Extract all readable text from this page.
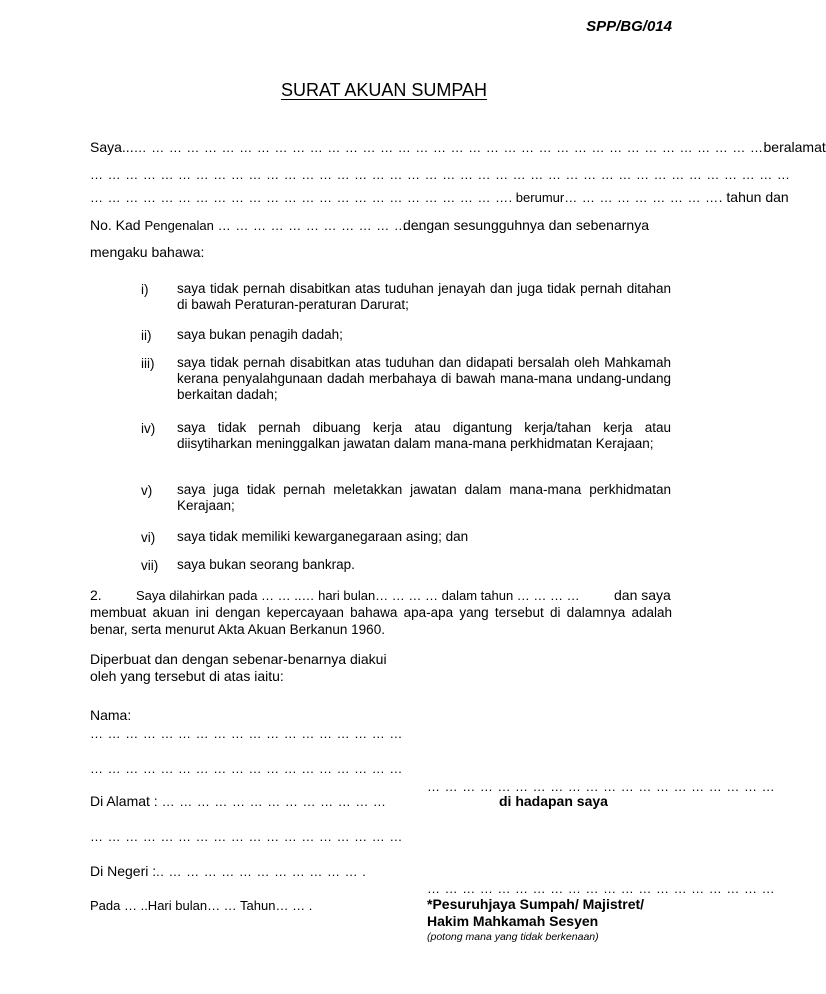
SPP/BG/014
SURAT AKUAN SUMPAH
Saya...… … … … … … … … … … … … … … … … … … … … … … … … … … … … … … … … … … … …beralamat
… … … … … … … … … … … … … … … … … … … … … … … … … … … … … … … … … … … … … … … …
… … … … … … … … … … … … … … … … … … … … … … … …. berumur… … … … … … … … …. tahun dan
No. Kad Pengenalan … … … … … … … … … … … …
dengan sesungguhnya dan sebenarnya
mengaku bahawa:
i) saya tidak pernah disabitkan atas tuduhan jenayah dan juga tidak pernah ditahan di bawah Peraturan-peraturan Darurat;
ii) saya bukan penagih dadah;
iii) saya tidak pernah disabitkan atas tuduhan dan didapati bersalah oleh Mahkamah kerana penyalahgunaan dadah merbahaya di bawah mana-mana undang-undang berkaitan dadah;
iv) saya tidak pernah dibuang kerja atau digantung kerja/tahan kerja atau diisytiharkan meninggalkan jawatan dalam mana-mana perkhidmatan Kerajaan;
v) saya juga tidak pernah meletakkan jawatan dalam mana-mana perkhidmatan Kerajaan;
vi) saya tidak memiliki kewarganegaraan asing; dan
vii) saya bukan seorang bankrap.
2.	Saya dilahirkan pada … … ..… hari bulan… … … … dalam tahun … … … … dan saya
membuat akuan ini dengan kepercayaan bahawa apa-apa yang tersebut di dalamnya adalah benar, serta menurut Akta Akuan Berkanun 1960.
Diperbuat dan dengan sebenar-benarnya diakui
oleh yang tersebut di atas iaitu:
Nama:
… … … … … … … … … … … … … … … … … …
… … … … … … … … … … … … … … … … … …
Di Alamat : … … … … … … … … … … … … …
… … … … … … … … … … … … … … … … … …
Di Negeri :.. … … … … … … … … … … … .
Pada … ..Hari bulan… … Tahun… … .
… … … … … … … … … … … … … … … … … … … …
di hadapan saya
… … … … … … … … … … … … … … … … … … … …
*Pesuruhjaya Sumpah/ Majistret/
Hakim Mahkamah Sesyen
(potong mana yang tidak berkenaan)
